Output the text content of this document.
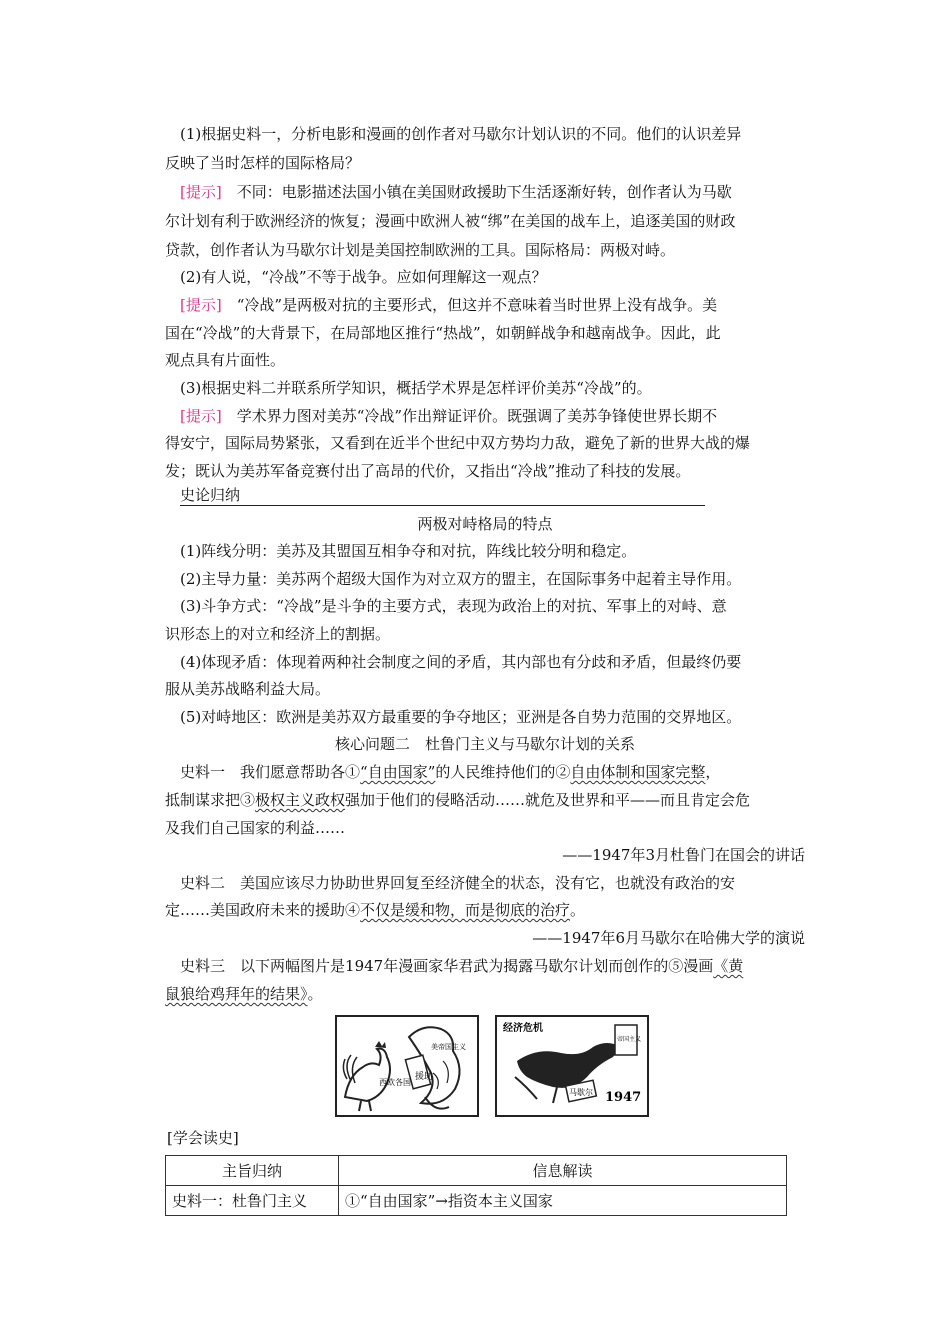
(1)根据史料一，分析电影和漫画的创作者对马歇尔计划认识的不同。他们的认识差异
反映了当时怎样的国际格局？
[提示]　 不同：电影描述法国小镇在美国财政援助下生活逐渐好转，创作者认为马歇
尔计划有利于欧洲经济的恢复；漫画中欧洲人被“绑”在美国的战车上，追逐美国的财政
贷款，创作者认为马歇尔计划是美国控制欧洲的工具。国际格局：两极对峙。
(2)有人说，“冷战”不等于战争。应如何理解这一观点？
[提示]　 “冷战”是两极对抗的主要形式，但这并不意味着当时世界上没有战争。美
国在“冷战”的大背景下，在局部地区推行“热战”，如朝鲜战争和越南战争。因此，此
观点具有片面性。
(3)根据史料二并联系所学知识，概括学术界是怎样评价美苏“冷战”的。
[提示]　 学术界力图对美苏“冷战”作出辩证评价。既强调了美苏争锋使世界长期不
得安宁，国际局势紧张，又看到在近半个世纪中双方势均力敌，避免了新的世界大战的爆
发；既认为美苏军备竞赛付出了高昂的代价，又指出“冷战”推动了科技的发展。
史论归纳
两极对峙格局的特点
(1)阵线分明：美苏及其盟国互相争夺和对抗，阵线比较分明和稳定。
(2)主导力量：美苏两个超级大国作为对立双方的盟主，在国际事务中起着主导作用。
(3)斗争方式：“冷战”是斗争的主要方式，表现为政治上的对抗、军事上的对峙、意
识形态上的对立和经济上的割据。
(4)体现矛盾：体现着两种社会制度之间的矛盾，其内部也有分歧和矛盾，但最终仍要
服从美苏战略利益大局。
(5)对峙地区：欧洲是美苏双方最重要的争夺地区；亚洲是各自势力范围的交界地区。
核心问题二　杜鲁门主义与马歇尔计划的关系
史料一　 我们愿意帮助各①“自由国家”的人民维持他们的②自由体制和国家完整，
抵制谋求把③极权主义政权强加于他们的侵略活动……就危及世界和平——而且肯定会危
及我们自己国家的利益……
——1947年3月杜鲁门在国会的讲话
史料二　 美国应该尽力协助世界回复至经济健全的状态，没有它，也就没有政治的安
定……美国政府未来的援助④不仅是缓和物，而是彻底的治疗。
——1947年6月马歇尔在哈佛大学的演说
史料三　 以下两幅图片是1947年漫画家华君武为揭露马歇尔计划而创作的⑤漫画《黄
鼠狼给鸡拜年的结果》。
援助
美帝国主义
西欧各国
经济危机
帝国主义
马歇尔 1947
[学会读史]
主旨归纳	信息解读
史料一：杜鲁门主义	①“自由国家”→指资本主义国家
